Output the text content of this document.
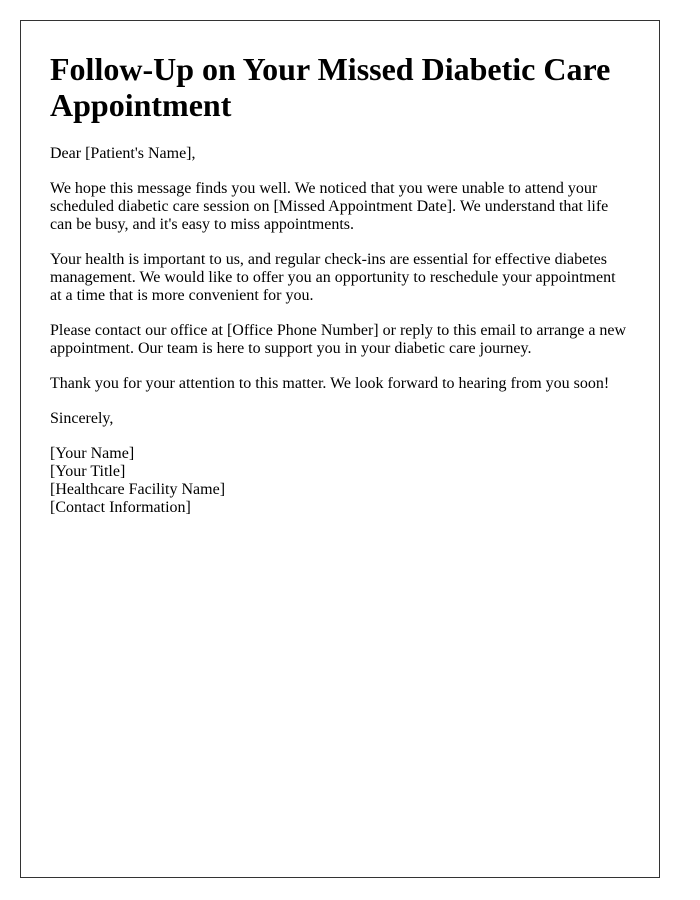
Follow-Up on Your Missed Diabetic Care Appointment

Dear [Patient's Name],

We hope this message finds you well. We noticed that you were unable to attend your scheduled diabetic care session on [Missed Appointment Date]. We understand that life can be busy, and it's easy to miss appointments.

Your health is important to us, and regular check-ins are essential for effective diabetes management. We would like to offer you an opportunity to reschedule your appointment at a time that is more convenient for you.

Please contact our office at [Office Phone Number] or reply to this email to arrange a new appointment. Our team is here to support you in your diabetic care journey.

Thank you for your attention to this matter. We look forward to hearing from you soon!

Sincerely,

[Your Name]
[Your Title]
[Healthcare Facility Name]
[Contact Information]
